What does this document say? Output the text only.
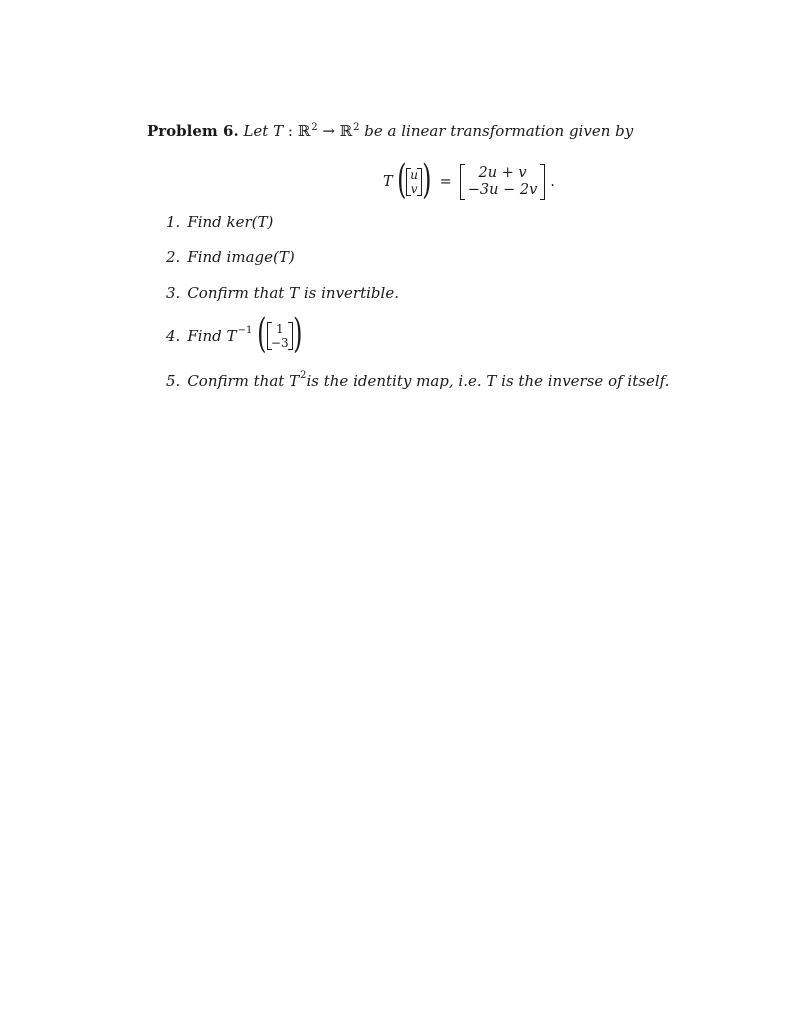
Problem 6. Let T : ℝ$^2$ → ℝ$^2$ be a linear transformation given by
T ( u
v ) =
2u + v
−3u − 2v .
1. Find ker(T)
2. Find image(T)
3. Confirm that T is invertible.
4. Find T −1 ( 1
−3 )
5. Confirm that T 2 is the identity map, i.e. T is the inverse of itself.
